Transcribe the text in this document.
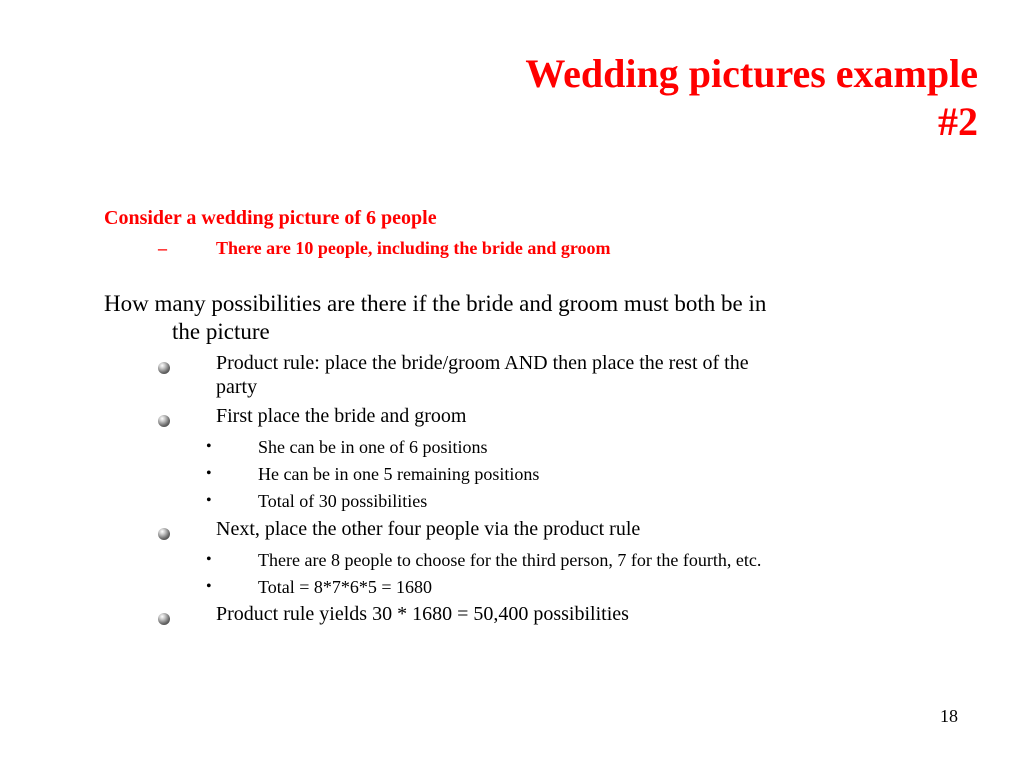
Wedding pictures example
#2
Consider a wedding picture of 6 people
–	There are 10 people, including the bride and groom
How many possibilities are there if the bride and groom must both be in
the picture
Product rule: place the bride/groom AND then place the rest of the
party
First place the bride and groom
•	She can be in one of 6 positions
•	He can be in one 5 remaining positions
•	Total of 30 possibilities
Next, place the other four people via the product rule
•	There are 8 people to choose for the third person, 7 for the fourth, etc.
•	Total = 8*7*6*5 = 1680
Product rule yields 30 * 1680 = 50,400 possibilities
18
